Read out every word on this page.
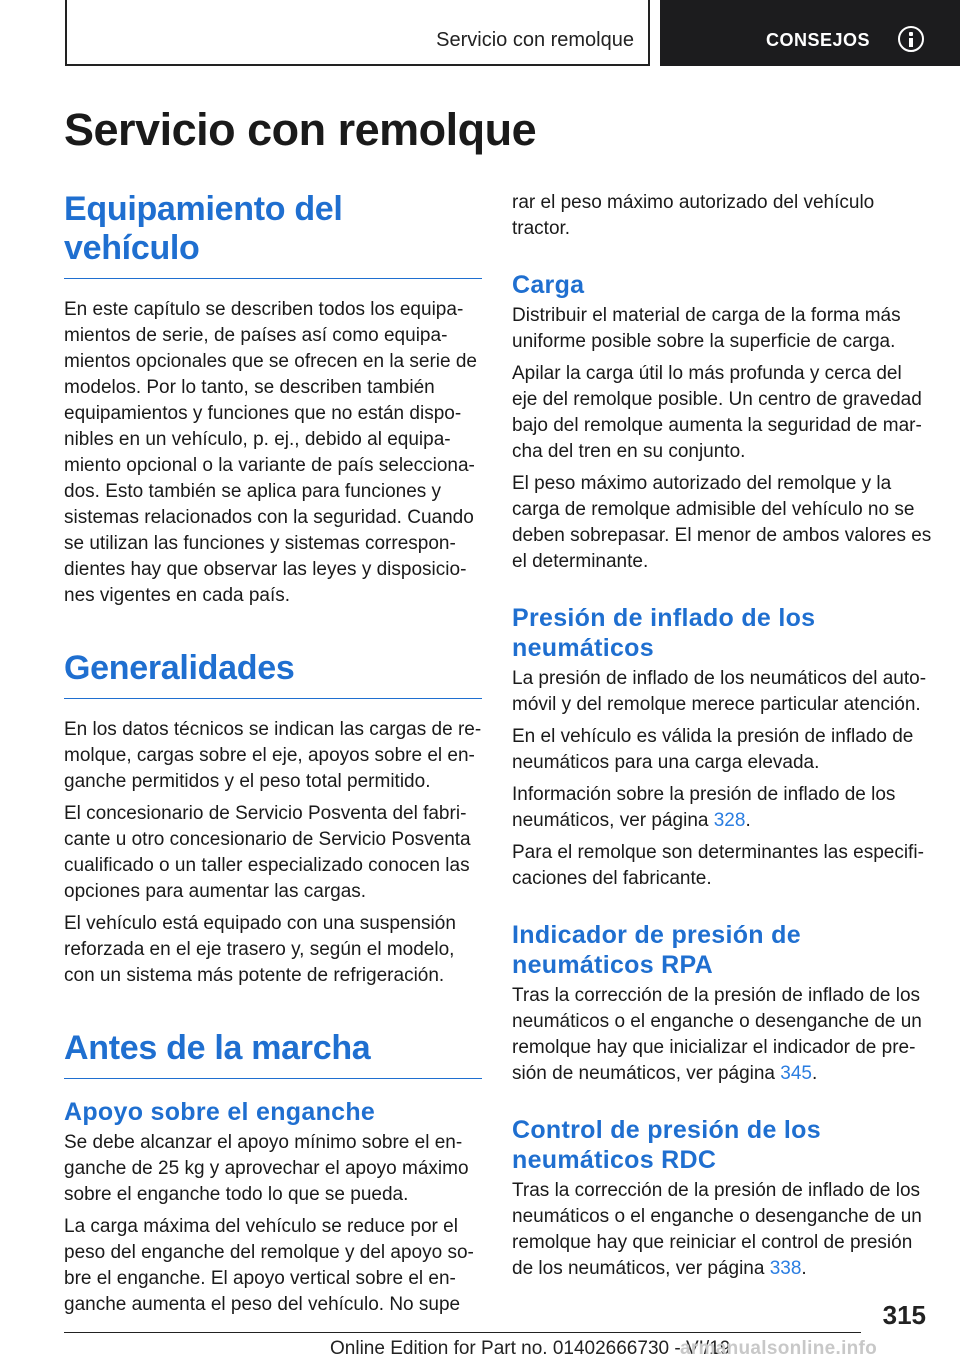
Servicio con remolque	CONSEJOS
Servicio con remolque
Equipamiento del vehículo

En este capítulo se describen todos los equipamientos de serie, de países así como equipamientos opcionales que se ofrecen en la serie de modelos. Por lo tanto, se describen también equipamientos y funciones que no están disponibles en un vehículo, p. ej., debido al equipamiento opcional o la variante de país seleccionados. Esto también se aplica para funciones y sistemas relacionados con la seguridad. Cuando se utilizan las funciones y sistemas correspondientes hay que observar las leyes y disposiciones vigentes en cada país.

Generalidades

En los datos técnicos se indican las cargas de remolque, cargas sobre el eje, apoyos sobre el enganche permitidos y el peso total permitido.

El concesionario de Servicio Posventa del fabricante u otro concesionario de Servicio Posventa cualificado o un taller especializado conocen las opciones para aumentar las cargas.

El vehículo está equipado con una suspensión reforzada en el eje trasero y, según el modelo, con un sistema más potente de refrigeración.

Antes de la marcha
Apoyo sobre el enganche

Se debe alcanzar el apoyo mínimo sobre el enganche de 25 kg y aprovechar el apoyo máximo sobre el enganche todo lo que se pueda.

La carga máxima del vehículo se reduce por el peso del enganche del remolque y del apoyo sobre el enganche. El apoyo vertical sobre el enganche aumenta el peso del vehículo. No supe

rar el peso máximo autorizado del vehículo tractor.

Carga

Distribuir el material de carga de la forma más uniforme posible sobre la superficie de carga.

Apilar la carga útil lo más profunda y cerca del eje del remolque posible. Un centro de gravedad bajo del remolque aumenta la seguridad de marcha del tren en su conjunto.

El peso máximo autorizado del remolque y la carga de remolque admisible del vehículo no se deben sobrepasar. El menor de ambos valores es el determinante.

Presión de inflado de los neumáticos

La presión de inflado de los neumáticos del automóvil y del remolque merece particular atención.

En el vehículo es válida la presión de inflado de neumáticos para una carga elevada.

Información sobre la presión de inflado de los neumáticos, ver página 328.

Para el remolque son determinantes las especificaciones del fabricante.

Indicador de presión de neumáticos RPA

Tras la corrección de la presión de inflado de los neumáticos o el enganche o desenganche de un remolque hay que inicializar el indicador de presión de neumáticos, ver página 345.

Control de presión de los neumáticos RDC

Tras la corrección de la presión de inflado de los neumáticos o el enganche o desenganche de un remolque hay que reiniciar el control de presión de los neumáticos, ver página 338.

315
Online Edition for Part no. 01402666730 - VI/19
armanualsonline.info
